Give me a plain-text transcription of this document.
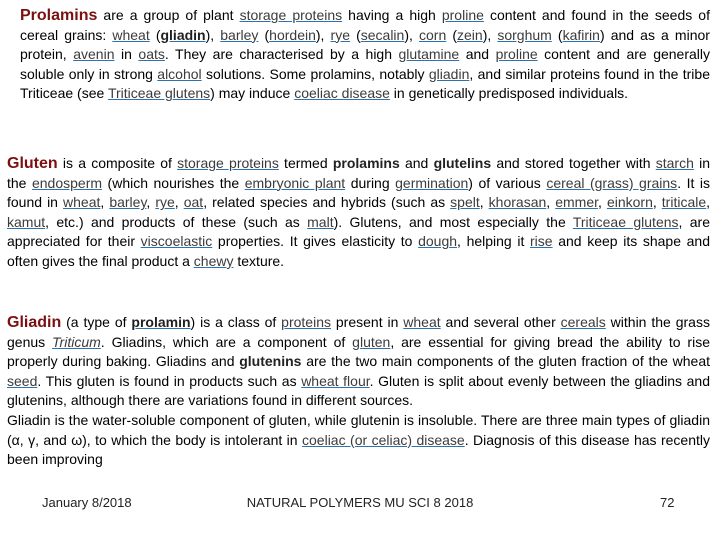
Prolamins are a group of plant storage proteins having a high proline content and found in the seeds of cereal grains: wheat (gliadin), barley (hordein), rye (secalin), corn (zein), sorghum (kafirin) and as a minor protein, avenin in oats. They are characterised by a high glutamine and proline content and are generally soluble only in strong alcohol solutions. Some prolamins, notably gliadin, and similar proteins found in the tribe Triticeae (see Triticeae glutens) may induce coeliac disease in genetically predisposed individuals.

Gluten is a composite of storage proteins termed prolamins and glutelins and stored together with starch in the endosperm (which nourishes the embryonic plant during germination) of various cereal (grass) grains. It is found in wheat, barley, rye, oat, related species and hybrids (such as spelt, khorasan, emmer, einkorn, triticale, kamut, etc.) and products of these (such as malt). Glutens, and most especially the Triticeae glutens, are appreciated for their viscoelastic properties. It gives elasticity to dough, helping it rise and keep its shape and often gives the final product a chewy texture.

Gliadin (a type of prolamin) is a class of proteins present in wheat and several other cereals within the grass genus Triticum. Gliadins, which are a component of gluten, are essential for giving bread the ability to rise properly during baking. Gliadins and glutenins are the two main components of the gluten fraction of the wheat seed. This gluten is found in products such as wheat flour. Gluten is split about evenly between the gliadins and glutenins, although there are variations found in different sources.
Gliadin is the water-soluble component of gluten, while glutenin is insoluble. There are three main types of gliadin (α, γ, and ω), to which the body is intolerant in coeliac (or celiac) disease. Diagnosis of this disease has recently been improving

January 8/2018	NATURAL POLYMERS MU SCI 8 2018	72
